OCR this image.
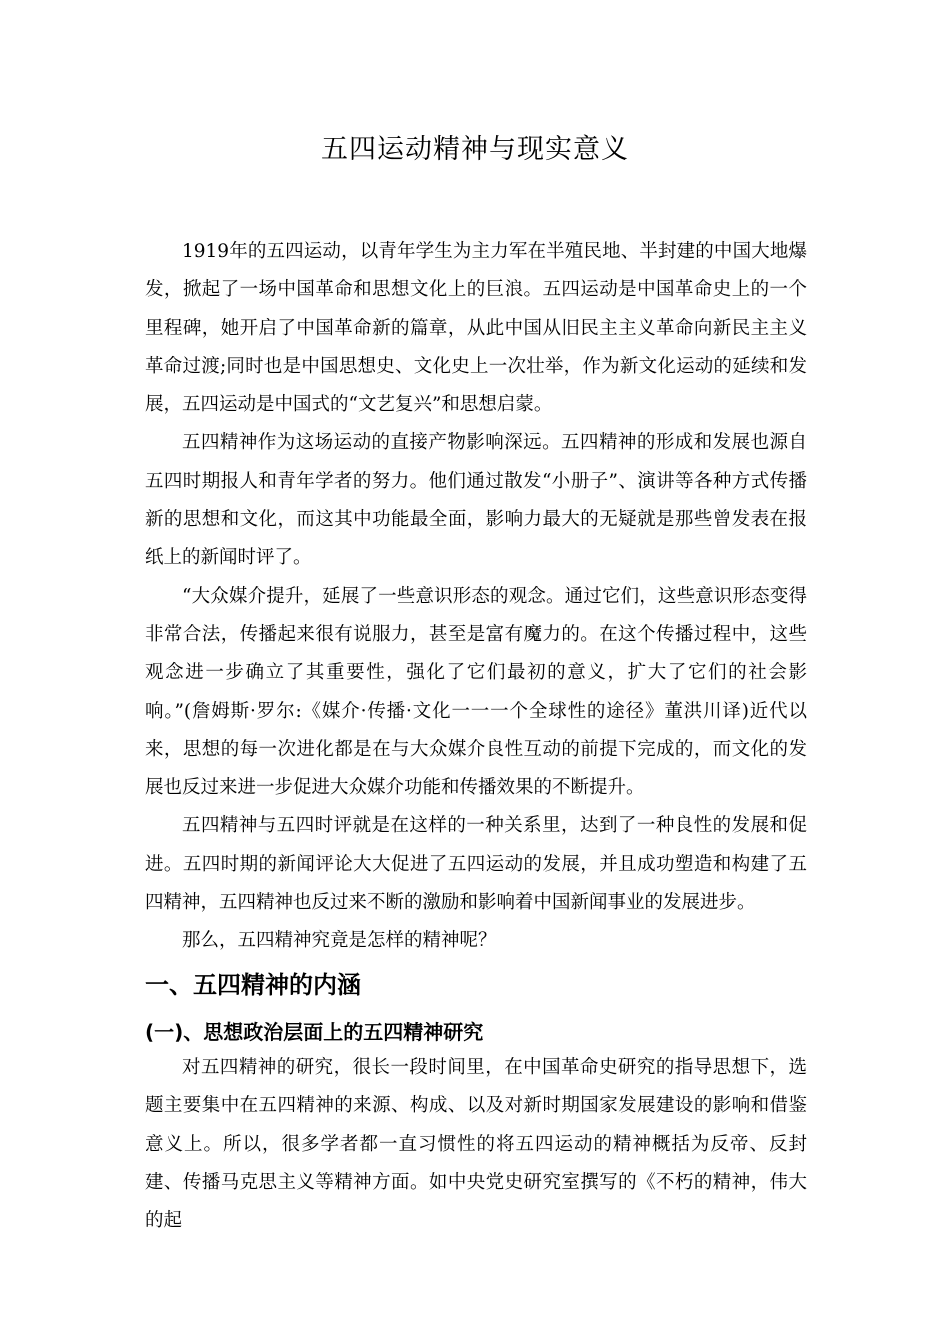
五四运动精神与现实意义

1919年的五四运动，以青年学生为主力军在半殖民地、半封建的中国大地爆发，掀起了一场中国革命和思想文化上的巨浪。五四运动是中国革命史上的一个里程碑，她开启了中国革命新的篇章，从此中国从旧民主主义革命向新民主主义革命过渡;同时也是中国思想史、文化史上一次壮举，作为新文化运动的延续和发展，五四运动是中国式的“文艺复兴”和思想启蒙。

五四精神作为这场运动的直接产物影响深远。五四精神的形成和发展也源自五四时期报人和青年学者的努力。他们通过散发“小册子”、演讲等各种方式传播新的思想和文化，而这其中功能最全面，影响力最大的无疑就是那些曾发表在报纸上的新闻时评了。

“大众媒介提升，延展了一些意识形态的观念。通过它们，这些意识形态变得非常合法，传播起来很有说服力，甚至是富有魔力的。在这个传播过程中，这些观念进一步确立了其重要性，强化了它们最初的意义，扩大了它们的社会影响。”(詹姆斯·罗尔:《媒介·传播·文化一一一个全球性的途径》董洪川译)近代以来，思想的每一次进化都是在与大众媒介良性互动的前提下完成的，而文化的发展也反过来进一步促进大众媒介功能和传播效果的不断提升。

五四精神与五四时评就是在这样的一种关系里，达到了一种良性的发展和促进。五四时期的新闻评论大大促进了五四运动的发展，并且成功塑造和构建了五四精神，五四精神也反过来不断的激励和影响着中国新闻事业的发展进步。

那么，五四精神究竟是怎样的精神呢？

一、五四精神的内涵
(一)、思想政治层面上的五四精神研究

对五四精神的研究，很长一段时间里，在中国革命史研究的指导思想下，选题主要集中在五四精神的来源、构成、以及对新时期国家发展建设的影响和借鉴意义上。所以，很多学者都一直习惯性的将五四运动的精神概括为反帝、反封建、传播马克思主义等精神方面。如中央党史研究室撰写的《不朽的精神，伟大的起
